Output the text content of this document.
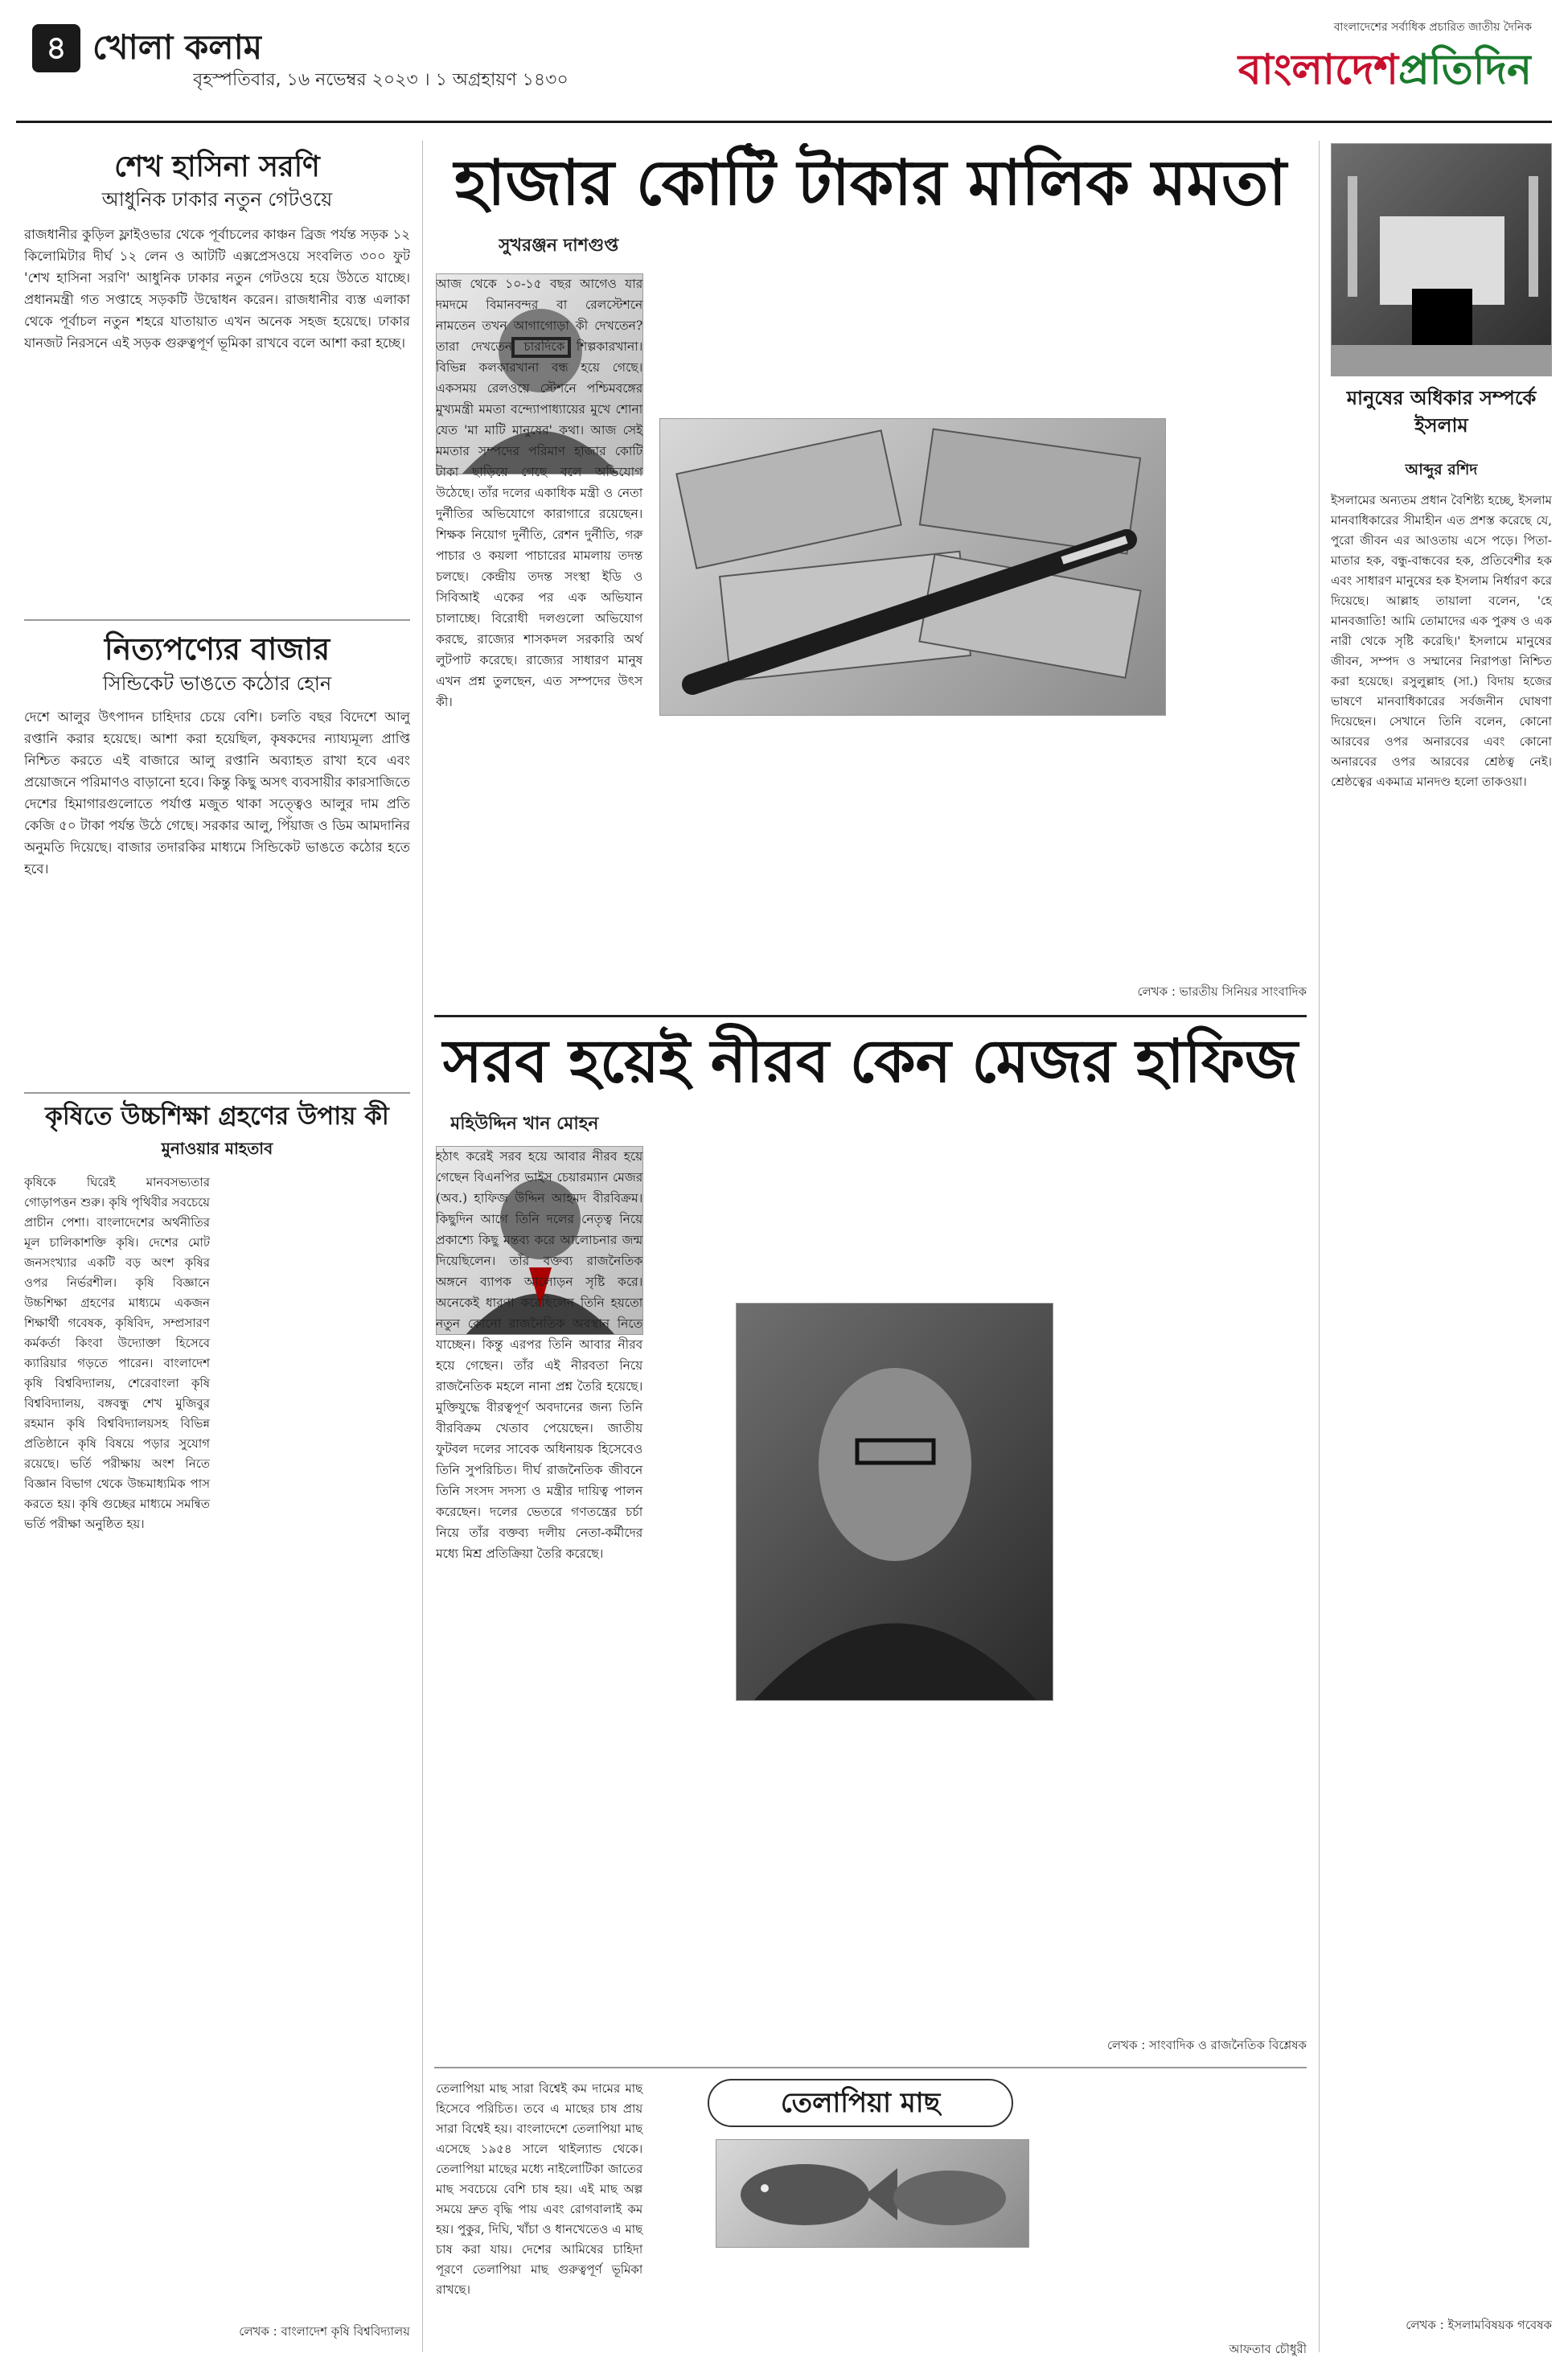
৪ খোলা কলাম
বৃহস্পতিবার, ১৬ নভেম্বর ২০২৩ । ১ অগ্রহায়ণ ১৪৩০
বাংলাদেশের সর্বাধিক প্রচারিত জাতীয় দৈনিক
বাংলাদেশপ্রতিদিন
শেখ হাসিনা সরণি
আধুনিক ঢাকার নতুন গেটওয়ে
রাজধানীর কুড়িল ফ্লাইওভার থেকে পূর্বাচলের কাঞ্চন ব্রিজ পর্যন্ত সড়ক ১২ কিলোমিটার দীর্ঘ ১২ লেন ও আটটি এক্সপ্রেসওয়ে সংবলিত ৩০০ ফুট 'শেখ হাসিনা সরণি' আধুনিক ঢাকার নতুন গেটওয়ে হয়ে উঠতে যাচ্ছে। প্রধানমন্ত্রী গত সপ্তাহে সড়কটি উদ্বোধন করেন। রাজধানীর ব্যস্ত এলাকা থেকে পূর্বাচল নতুন শহরে যাতায়াত এখন অনেক সহজ হয়েছে। ঢাকার যানজট নিরসনে এই সড়ক গুরুত্বপূর্ণ ভূমিকা রাখবে বলে আশা করা হচ্ছে।
নিত্যপণ্যের বাজার
সিন্ডিকেট ভাঙতে কঠোর হোন
দেশে আলুর উৎপাদন চাহিদার চেয়ে বেশি। চলতি বছর বিদেশে আলু রপ্তানি করার হয়েছে। আশা করা হয়েছিল, কৃষকদের ন্যায্যমূল্য প্রাপ্তি নিশ্চিত করতে এই বাজারে আলু রপ্তানি অব্যাহত রাখা হবে এবং প্রয়োজনে পরিমাণও বাড়ানো হবে। কিন্তু কিছু অসৎ ব্যবসায়ীর কারসাজিতে দেশের হিমাগারগুলোতে পর্যাপ্ত মজুত থাকা সত্ত্বেও আলুর দাম প্রতি কেজি ৫০ টাকা পর্যন্ত উঠে গেছে। সরকার আলু, পিঁয়াজ ও ডিম আমদানির অনুমতি দিয়েছে। বাজার তদারকির মাধ্যমে সিন্ডিকেট ভাঙতে কঠোর হতে হবে।
কৃষিতে উচ্চশিক্ষা গ্রহণের উপায় কী
মুনাওয়ার মাহতাব
কৃষিকে ঘিরেই মানবসভ্যতার গোড়াপত্তন শুরু। কৃষি পৃথিবীর সবচেয়ে প্রাচীন পেশা। বাংলাদেশের অর্থনীতির মূল চালিকাশক্তি কৃষি। দেশের মোট জনসংখ্যার একটি বড় অংশ কৃষির ওপর নির্ভরশীল। কৃষি বিজ্ঞানে উচ্চশিক্ষা গ্রহণের মাধ্যমে একজন শিক্ষার্থী গবেষক, কৃষিবিদ, সম্প্রসারণ কর্মকর্তা কিংবা উদ্যোক্তা হিসেবে ক্যারিয়ার গড়তে পারেন। বাংলাদেশ কৃষি বিশ্ববিদ্যালয়, শেরেবাংলা কৃষি বিশ্ববিদ্যালয়, বঙ্গবন্ধু শেখ মুজিবুর রহমান কৃষি বিশ্ববিদ্যালয়সহ বিভিন্ন প্রতিষ্ঠানে কৃষি বিষয়ে পড়ার সুযোগ রয়েছে। ভর্তি পরীক্ষায় অংশ নিতে বিজ্ঞান বিভাগ থেকে উচ্চমাধ্যমিক পাস করতে হয়। কৃষি গুচ্ছের মাধ্যমে সমন্বিত ভর্তি পরীক্ষা অনুষ্ঠিত হয়।
লেখক : বাংলাদেশ কৃষি বিশ্ববিদ্যালয়
হাজার কোটি টাকার মালিক মমতা
সুখরঞ্জন দাশগুপ্ত
আজ থেকে ১০-১৫ বছর আগেও যার দমদমে বিমানবন্দর বা রেলস্টেশনে নামতেন তখন আগাগোড়া কী দেখতেন? তারা দেখতেন চারদিকে শিল্পকারখানা। বিভিন্ন কলকারখানা বন্ধ হয়ে গেছে। একসময় রেলওয়ে স্টেশনে পশ্চিমবঙ্গের মুখ্যমন্ত্রী মমতা বন্দ্যোপাধ্যায়ের মুখে শোনা যেত 'মা মাটি মানুষের' কথা। আজ সেই মমতার সম্পদের পরিমাণ হাজার কোটি টাকা ছাড়িয়ে গেছে বলে অভিযোগ উঠেছে। তাঁর দলের একাধিক মন্ত্রী ও নেতা দুর্নীতির অভিযোগে কারাগারে রয়েছেন। শিক্ষক নিয়োগ দুর্নীতি, রেশন দুর্নীতি, গরু পাচার ও কয়লা পাচারের মামলায় তদন্ত চলছে। কেন্দ্রীয় তদন্ত সংস্থা ইডি ও সিবিআই একের পর এক অভিযান চালাচ্ছে। বিরোধী দলগুলো অভিযোগ করছে, রাজ্যের শাসকদল সরকারি অর্থ লুটপাট করেছে। রাজ্যের সাধারণ মানুষ এখন প্রশ্ন তুলছেন, এত সম্পদের উৎস কী।
লেখক : ভারতীয় সিনিয়র সাংবাদিক
সরব হয়েই নীরব কেন মেজর হাফিজ
মহিউদ্দিন খান মোহন
হঠাৎ করেই সরব হয়ে আবার নীরব হয়ে গেছেন বিএনপির ভাইস চেয়ারম্যান মেজর (অব.) হাফিজ উদ্দিন আহমদ বীরবিক্রম। কিছুদিন আগে তিনি দলের নেতৃত্ব নিয়ে প্রকাশ্যে কিছু মন্তব্য করে আলোচনার জন্ম দিয়েছিলেন। তাঁর বক্তব্য রাজনৈতিক অঙ্গনে ব্যাপক আলোড়ন সৃষ্টি করে। অনেকেই ধারণা করেছিলেন তিনি হয়তো নতুন কোনো রাজনৈতিক অবস্থান নিতে যাচ্ছেন। কিন্তু এরপর তিনি আবার নীরব হয়ে গেছেন। তাঁর এই নীরবতা নিয়ে রাজনৈতিক মহলে নানা প্রশ্ন তৈরি হয়েছে। মুক্তিযুদ্ধে বীরত্বপূর্ণ অবদানের জন্য তিনি বীরবিক্রম খেতাব পেয়েছেন। জাতীয় ফুটবল দলের সাবেক অধিনায়ক হিসেবেও তিনি সুপরিচিত। দীর্ঘ রাজনৈতিক জীবনে তিনি সংসদ সদস্য ও মন্ত্রীর দায়িত্ব পালন করেছেন। দলের ভেতরে গণতন্ত্রের চর্চা নিয়ে তাঁর বক্তব্য দলীয় নেতা-কর্মীদের মধ্যে মিশ্র প্রতিক্রিয়া তৈরি করেছে।
লেখক : সাংবাদিক ও রাজনৈতিক বিশ্লেষক
তেলাপিয়া মাছ
তেলাপিয়া মাছ সারা বিশ্বেই কম দামের মাছ হিসেবে পরিচিত। তবে এ মাছের চাষ প্রায় সারা বিশ্বেই হয়। বাংলাদেশে তেলাপিয়া মাছ এসেছে ১৯৫৪ সালে থাইল্যান্ড থেকে। তেলাপিয়া মাছের মধ্যে নাইলোটিকা জাতের মাছ সবচেয়ে বেশি চাষ হয়। এই মাছ অল্প সময়ে দ্রুত বৃদ্ধি পায় এবং রোগবালাই কম হয়। পুকুর, দিঘি, খাঁচা ও ধানখেতেও এ মাছ চাষ করা যায়। দেশের আমিষের চাহিদা পূরণে তেলাপিয়া মাছ গুরুত্বপূর্ণ ভূমিকা রাখছে।
আফতাব চৌধুরী
মানুষের অধিকার সম্পর্কে ইসলাম
আব্দুর রশিদ
ইসলামের অন্যতম প্রধান বৈশিষ্ট্য হচ্ছে, ইসলাম মানবাধিকারের সীমাহীন এত প্রশস্ত করেছে যে, পুরো জীবন এর আওতায় এসে পড়ে। পিতা-মাতার হক, বন্ধু-বান্ধবের হক, প্রতিবেশীর হক এবং সাধারণ মানুষের হক ইসলাম নির্ধারণ করে দিয়েছে। আল্লাহ তায়ালা বলেন, 'হে মানবজাতি! আমি তোমাদের এক পুরুষ ও এক নারী থেকে সৃষ্টি করেছি।' ইসলামে মানুষের জীবন, সম্পদ ও সম্মানের নিরাপত্তা নিশ্চিত করা হয়েছে। রসুলুল্লাহ (সা.) বিদায় হজের ভাষণে মানবাধিকারের সর্বজনীন ঘোষণা দিয়েছেন। সেখানে তিনি বলেন, কোনো আরবের ওপর অনারবের এবং কোনো অনারবের ওপর আরবের শ্রেষ্ঠত্ব নেই। শ্রেষ্ঠত্বের একমাত্র মানদণ্ড হলো তাকওয়া।
লেখক : ইসলামবিষয়ক গবেষক
